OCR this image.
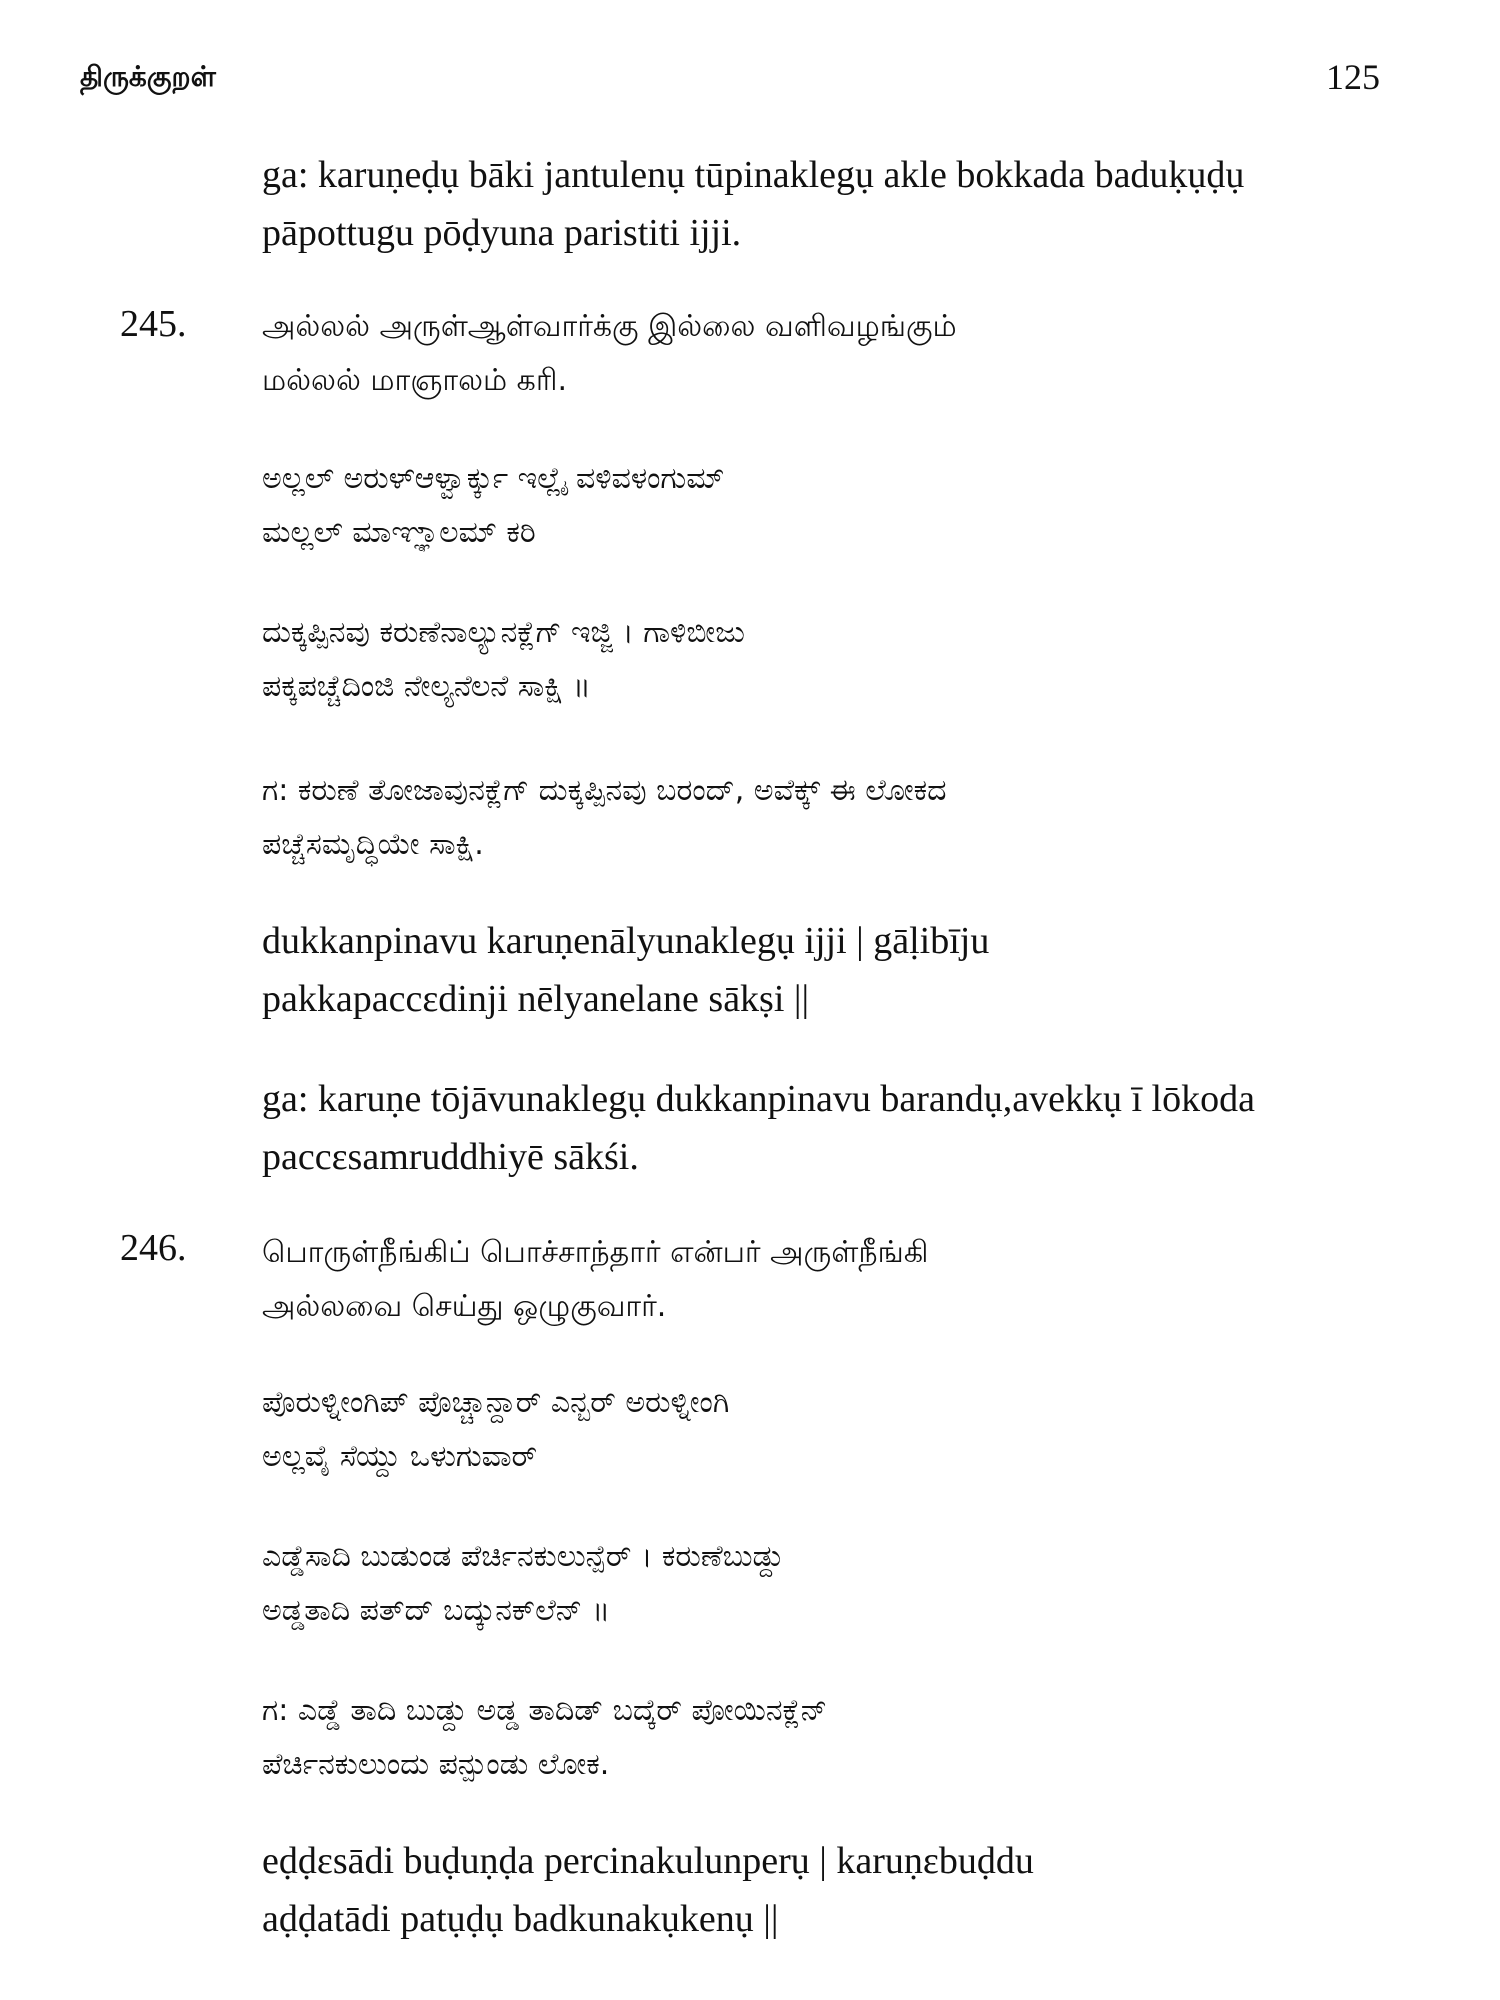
திருக்குறள்	125
ga: karuṇeḍụ bāki jantulenụ tūpinaklegụ akle bokkada baduḳụḍụ
pāpottugu pōḍyuna paristiti ijji.
245.	அல்லல் அருள்ஆள்வார்க்கு இல்லை வளிவழங்கும்
மல்லல் மாஞாலம் கரி.
ಅಲ್ಲಲ್ ಅರುಳ್ಆಳ್ವಾರ್ಕ್ಕು ಇಲ್ಲೈ ವಳಿವಳಂಗುಮ್
ಮಲ್ಲಲ್ ಮಾಞ್ಞಾಲಮ್ ಕರಿ
ದುಕ್ಕಪ್ಪಿನವು ಕರುಣೆನಾಲ್ಯುನಕ್ಲೆಗ್ ಇಜ್ಜಿ । ಗಾಳಿಬೀಜು
ಪಕ್ಕಪಚ್ಚೆದಿಂಜಿ ನೇಲ್ಯನೆಲನೆ ಸಾಕ್ಷಿ ॥
ಗ: ಕರುಣೆ ತೋಜಾವುನಕ್ಲೆಗ್ ದುಕ್ಕಪ್ಪಿನವು ಬರಂದ್, ಅವೆಕ್ಕ್ ಈ ಲೋಕದ
ಪಚ್ಚೆಸಮೃದ್ಧಿಯೇ ಸಾಕ್ಷಿ.
dukkanpinavu karuṇenālyunaklegụ ijji | gāḷibīju
pakkapaccɛdinji nēlyanelane sākṣi ||
ga: karuṇe tōjāvunaklegụ dukkanpinavu barandụ,avekkụ ī lōkoda
paccɛsamruddhiyē sākśi.
246.	பொருள்நீங்கிப் பொச்சாந்தார் என்பர் அருள்நீங்கி
அல்லவை செய்து ஒழுகுவார்.
ಪೊರುಳ್ನೀಂಗಿಪ್ ಪೊಚ್ಚಾನ್ದಾರ್ ಎನ್ಬರ್ ಅರುಳ್ನೀಂಗಿ
ಅಲ್ಲವೈ ಸೆಯ್ದು ಒಳುಗುವಾರ್
ಎಡ್ಡೆಸಾದಿ ಬುಡುಂಡ ಪೆರ್ಚಿನಕುಲುನ್ಪೆರ್ । ಕರುಣೆಬುಡ್ದು
ಅಡ್ಡತಾದಿ ಪತ್‌ದ್ ಬದ್ಕುನಕ್‌ಲೆನ್ ॥
ಗ: ಎಡ್ಡೆ ತಾದಿ ಬುಡ್ದು ಅಡ್ಡ ತಾದಿಡ್ ಬದ್ಕೆರ್ ಪೋಯಿನಕ್ಲೆನ್
ಪೆರ್ಚಿನಕುಲುಂದು ಪನ್ಪುಂಡು ಲೋಕ.
eḍḍɛsādi buḍuṇḍa percinakulunperụ | karuṇɛbuḍdu
aḍḍatādi patụḍụ badkunakụkenụ ||
